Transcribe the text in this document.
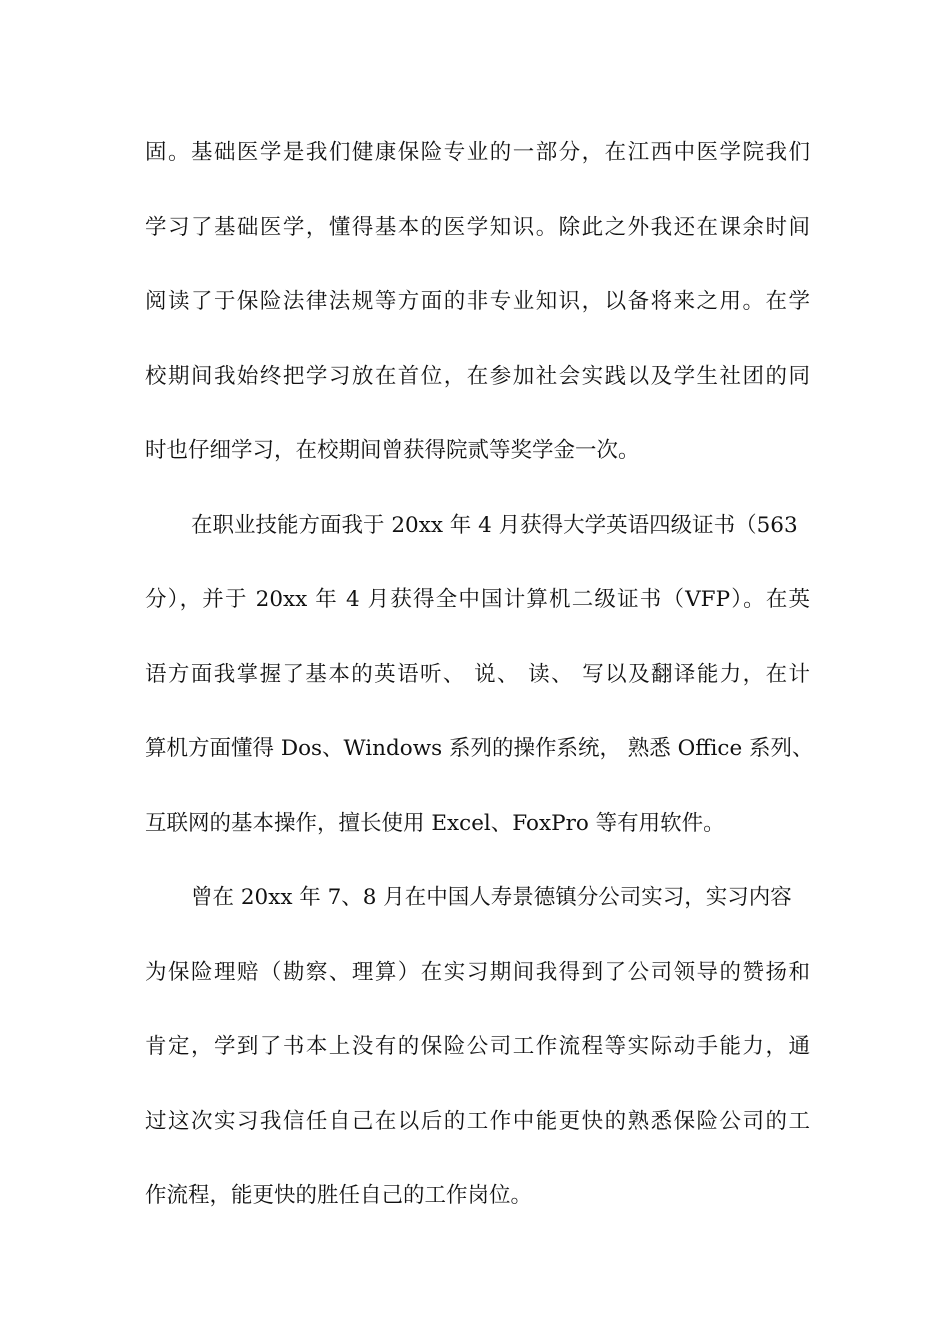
固。基础医学是我们健康保险专业的一部分，在江西中医学院我们
学习了基础医学，懂得基本的医学知识。除此之外我还在课余时间
阅读了于保险法律法规等方面的非专业知识，以备将来之用。在学
校期间我始终把学习放在首位，在参加社会实践以及学生社团的同
时也仔细学习，在校期间曾获得院贰等奖学金一次。
在职业技能方面我于 20xx 年 4 月获得大学英语四级证书（563
分），并于 20xx 年 4 月获得全中国计算机二级证书（VFP）。在英
语方面我掌握了基本的英语听、 说、 读、 写以及翻译能力，在计
算机方面懂得 Dos、Windows 系列的操作系统， 熟悉 Office 系列、
互联网的基本操作，擅长使用 Excel、FoxPro 等有用软件。
曾在 20xx 年 7、8 月在中国人寿景德镇分公司实习，实习内容
为保险理赔（勘察、理算）在实习期间我得到了公司领导的赞扬和
肯定，学到了书本上没有的保险公司工作流程等实际动手能力，通
过这次实习我信任自己在以后的工作中能更快的熟悉保险公司的工
作流程，能更快的胜任自己的工作岗位。
